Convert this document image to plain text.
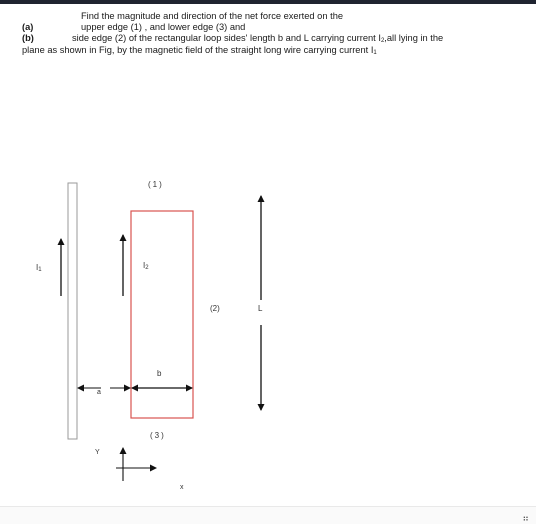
Find the magnitude and direction of the net force exerted on the
(a)	upper edge (1) , and lower edge (3) and
(b)	side edge (2) of the rectangular loop sides' length b and L carrying current I2,all lying in the
plane as shown in Fig, by the magnetic field of the straight long wire carrying current I1
(1)
(2)
(3)
I1	I2
L
b
a
Y
x
⠶
